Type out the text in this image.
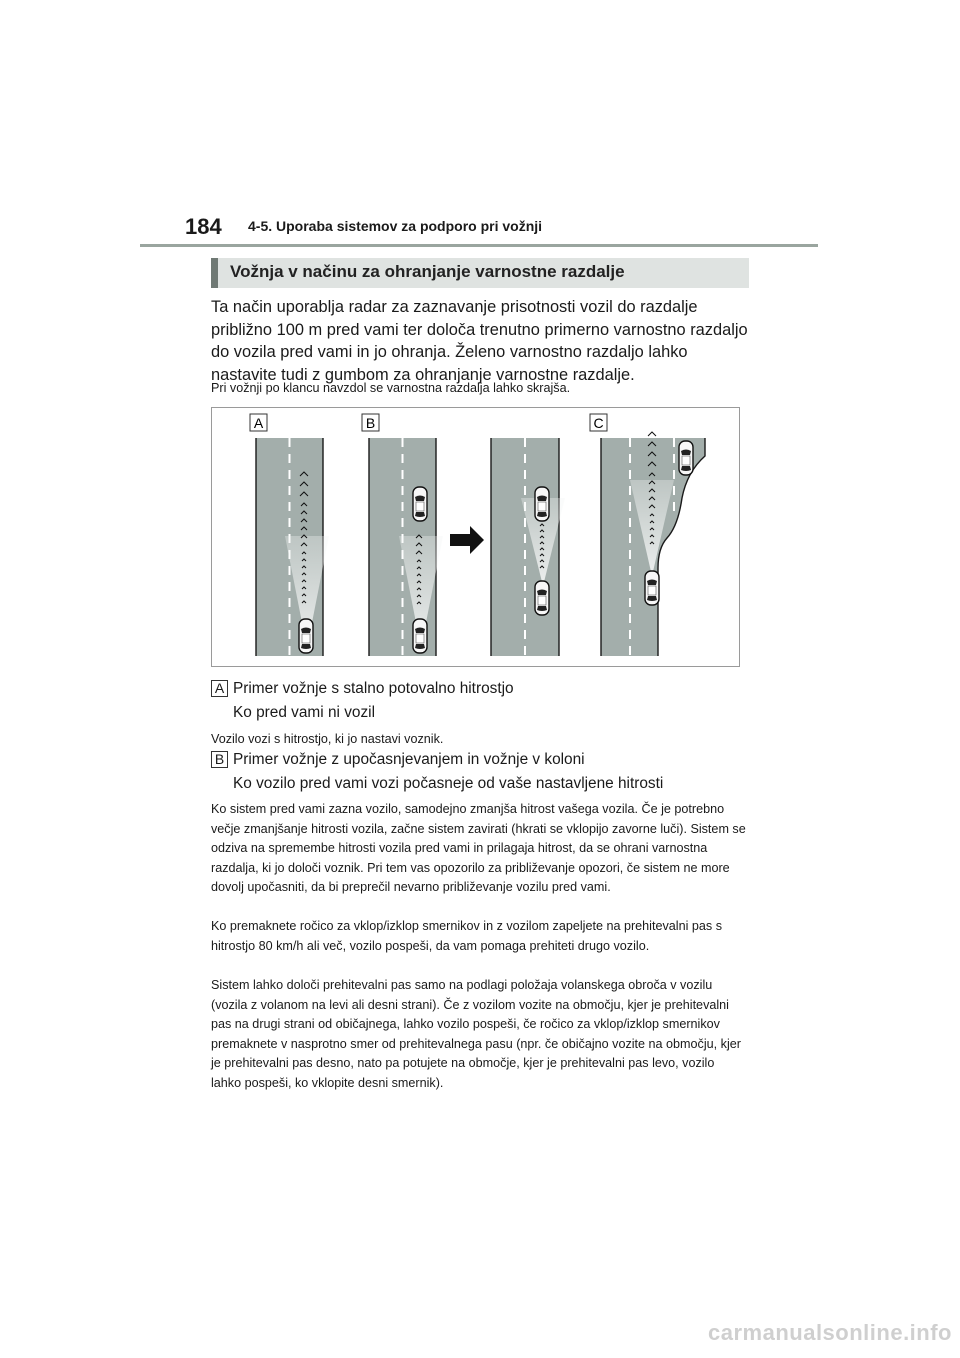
184 4-5. Uporaba sistemov za podporo pri vožnji
Vožnja v načinu za ohranjanje varnostne razdalje
Ta način uporablja radar za zaznavanje prisotnosti vozil do razdalje približno 100 m pred vami ter določa trenutno primerno varnostno razdaljo do vozila pred vami in jo ohranja. Želeno varnostno razdaljo lahko nastavite tudi z gumbom za ohranjanje varnostne razdalje.
Pri vožnji po klancu navzdol se varnostna razdalja lahko skrajša.
A	B	C
A Primer vožnje s stalno potovalno hitrostjo
Ko pred vami ni vozil
Vozilo vozi s hitrostjo, ki jo nastavi voznik.
B Primer vožnje z upočasnjevanjem in vožnje v koloni
Ko vozilo pred vami vozi počasneje od vaše nastavljene hitrosti
Ko sistem pred vami zazna vozilo, samodejno zmanjša hitrost vašega vozila. Če je potrebno večje zmanjšanje hitrosti vozila, začne sistem zavirati (hkrati se vklopijo zavorne luči). Sistem se odziva na spremembe hitrosti vozila pred vami in prilagaja hitrost, da se ohrani varnostna razdalja, ki jo določi voznik. Pri tem vas opozorilo za približevanje opozori, če sistem ne more dovolj upočasniti, da bi preprečil nevarno približevanje vozilu pred vami.
Ko premaknete ročico za vklop/izklop smernikov in z vozilom zapeljete na prehitevalni pas s hitrostjo 80 km/h ali več, vozilo pospeši, da vam pomaga prehiteti drugo vozilo.
Sistem lahko določi prehitevalni pas samo na podlagi položaja volanskega obroča v vozilu (vozila z volanom na levi ali desni strani). Če z vozilom vozite na območju, kjer je prehitevalni pas na drugi strani od običajnega, lahko vozilo pospeši, če ročico za vklop/izklop smernikov premaknete v nasprotno smer od prehitevalnega pasu (npr. če običajno vozite na območju, kjer je prehitevalni pas desno, nato pa potujete na območje, kjer je prehitevalni pas levo, vozilo lahko pospeši, ko vklopite desni smernik).
carmanualsonline.info
